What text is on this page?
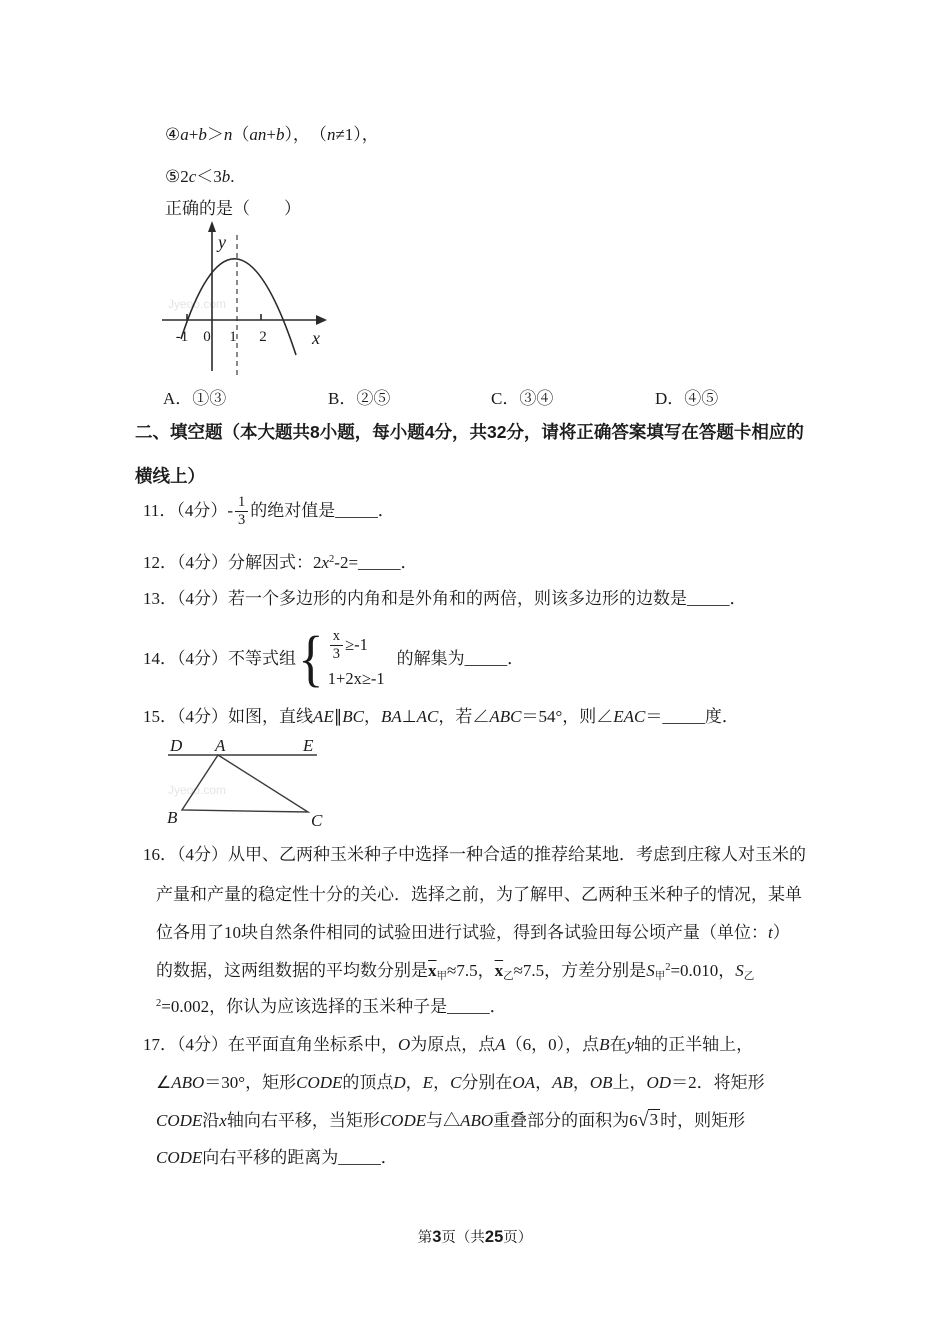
④a+b＞n（an+b），　（n≠1），
⑤2c＜3b.
正确的是（　　）
Jyeoo.com
y
x
-1 0 1 2
A．①③	B．②⑤	C．③④	D．④⑤
二、填空题（本大题共8小题，每小题4分，共32分，请将正确答案填写在答题卡相应的
横线上）
11．（4分） - $\frac{1}{3}$ 的绝对值是 _____ ．
12．（4分）分解因式：$2x^2-2=\_\_\_\_\_$．
13．（4分）若一个多边形的内角和是外角和的两倍，则该多边形的边数是_____．
14．（4分）不等式组 { $\frac{x}{3} \ge-1$
1+2x≥-1
的解集为_____．
15．（4分）如图，直线AE∥BC，BA⊥AC，若∠ABC＝54°，则∠EAC＝_____度．
Jyeoo.com
D A	E
B	C
16．（4分）从甲、乙两种玉米种子中选择一种合适的推荐给某地．考虑到庄稼人对玉米的
产量和产量的稳定性十分的关心．选择之前，为了解甲、乙两种玉米种子的情况，某单
位各用了10块自然条件相同的试验田进行试验，得到各试验田每公顷产量（单位：t）
的数据，这两组数据的平均数分别是$\overline{x}_甲\approx 7.5$，$\overline{x}_乙\approx 7.5$，方差分别是$S_甲^2=0.010$，$S_乙$
$^2$=0.002，你认为应该选择的玉米种子是_____．
17．（4分）在平面直角坐标系中，O为原点，点A（6，0），点B在y轴的正半轴上，
∠ABO＝30°，矩形CODE的顶点D，E，C分别在OA，AB，OB上，OD＝2．将矩形
CODE沿x轴向右平移，当矩形CODE与△ABO重叠部分的面积为6 √ 3 时，则矩形
CODE向右平移的距离为_____．
第3页（共25页）
